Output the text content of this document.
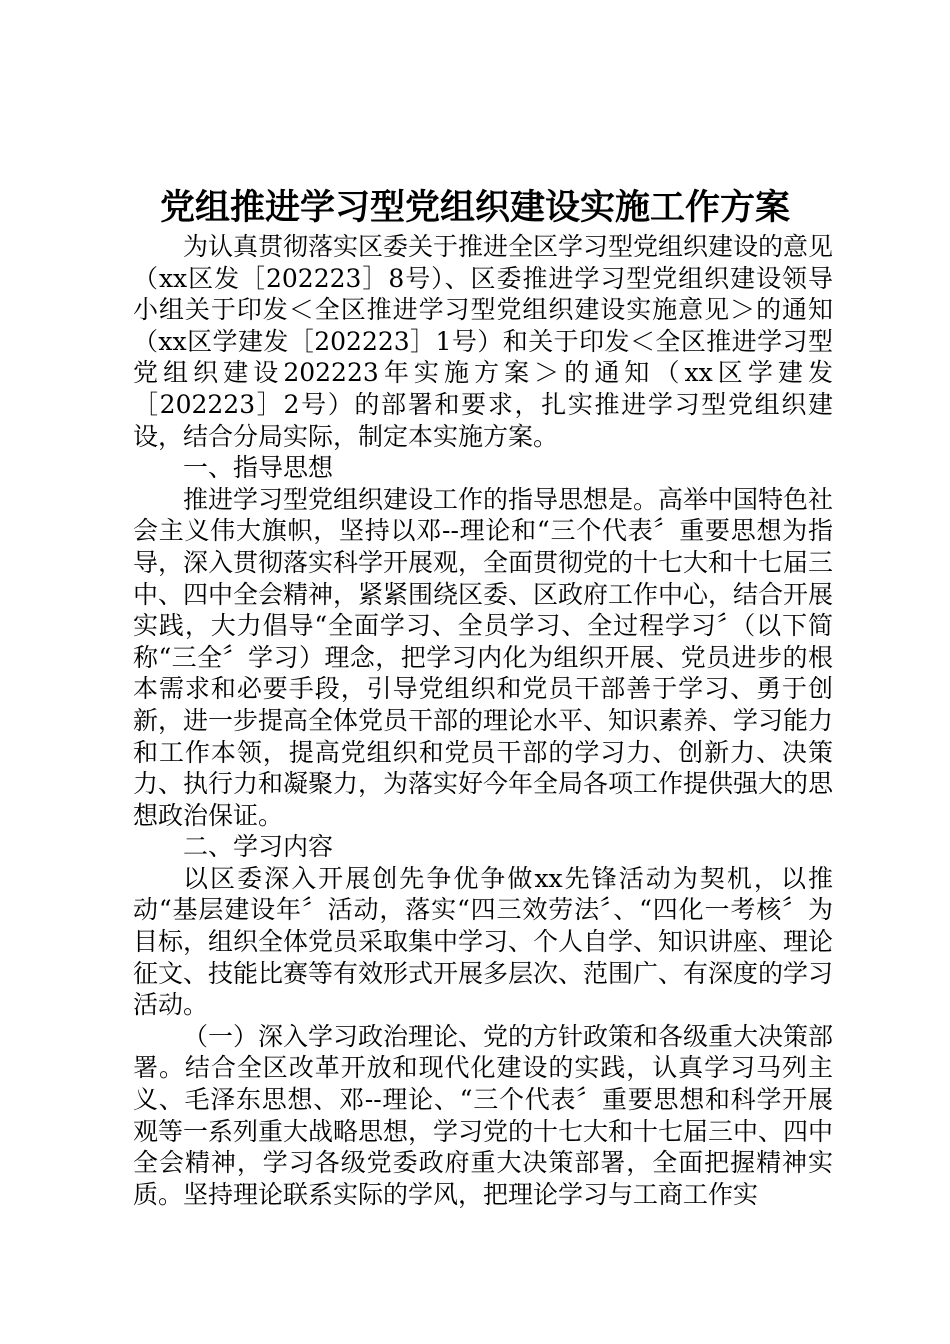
党组推进学习型党组织建设实施工作方案

为认真贯彻落实区委关于推进全区学习型党组织建设的意见（xx区发［202223］8号）、区委推进学习型党组织建设领导小组关于印发＜全区推进学习型党组织建设实施意见＞的通知（xx区学建发［202223］1号）和关于印发＜全区推进学习型党组织建设202223年实施方案＞的通知（xx区学建发［202223］2号）的部署和要求，扎实推进学习型党组织建设，结合分局实际，制定本实施方案。

一、指导思想

推进学习型党组织建设工作的指导思想是。高举中国特色社会主义伟大旗帜，坚持以邓--理论和“三个代表〞重要思想为指导，深入贯彻落实科学开展观，全面贯彻党的十七大和十七届三中、四中全会精神，紧紧围绕区委、区政府工作中心，结合开展实践，大力倡导“全面学习、全员学习、全过程学习〞（以下简称“三全〞学习）理念，把学习内化为组织开展、党员进步的根本需求和必要手段，引导党组织和党员干部善于学习、勇于创新，进一步提高全体党员干部的理论水平、知识素养、学习能力和工作本领，提高党组织和党员干部的学习力、创新力、决策力、执行力和凝聚力，为落实好今年全局各项工作提供强大的思想政治保证。

二、学习内容

以区委深入开展创先争优争做xx先锋活动为契机，以推动“基层建设年〞活动，落实“四三效劳法〞、“四化一考核〞为目标，组织全体党员采取集中学习、个人自学、知识讲座、理论征文、技能比赛等有效形式开展多层次、范围广、有深度的学习活动。

（一）深入学习政治理论、党的方针政策和各级重大决策部署。结合全区改革开放和现代化建设的实践，认真学习马列主义、毛泽东思想、邓--理论、“三个代表〞重要思想和科学开展观等一系列重大战略思想，学习党的十七大和十七届三中、四中全会精神，学习各级党委政府重大决策部署，全面把握精神实质。坚持理论联系实际的学风，把理论学习与工商工作实
